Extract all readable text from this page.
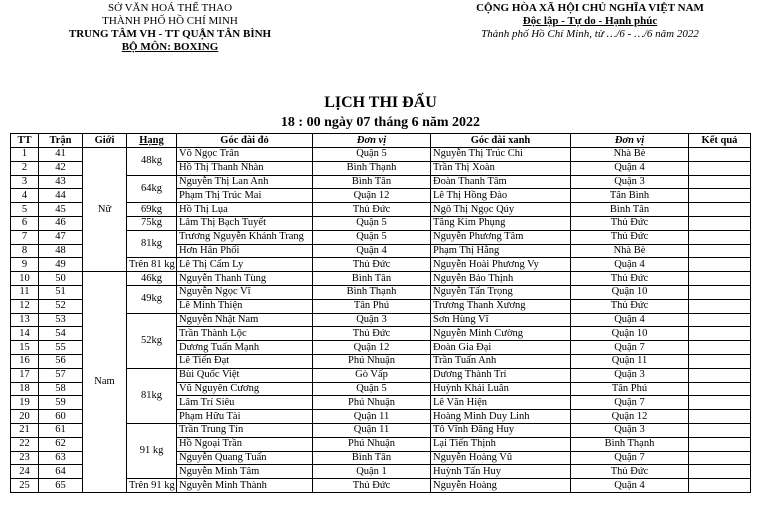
SỞ VĂN HOÁ THỂ THAO
THÀNH PHỐ HỒ CHÍ MINH
TRUNG TÂM VH - TT QUẬN TÂN BÌNH
BỘ MÔN: BOXING
CỘNG HÒA XÃ HỘI CHỦ NGHĨA VIỆT NAM
Độc lập - Tự do - Hạnh phúc
Thành phố Hồ Chí Minh, từ …/6 - …/6 năm 2022
LỊCH THI ĐẤU
18 : 00 ngày 07 tháng 6 năm 2022
TT	Trận	Giới	Hạng	Góc đài đỏ	Đơn vị	Góc đài xanh	Đơn vị	Kết quả
1	41	Nữ	48kg	Võ Ngọc Trân	Quận 5	Nguyễn Thị Trúc Chi	Nhà Bè	
2	42			Hồ Thị Thanh Nhàn	Bình Thạnh	Trần Thị Xoàn	Quận 4	
3	43		64kg	Nguyễn Thị Lan Anh	Bình Tân	Đoàn Thanh Tâm	Quận 3	
4	44			Phạm Thị Trúc Mai	Quận 12	Lê Thị Hồng Đào	Tân Bình	
5	45		69kg	Hồ Thị Lụa	Thủ Đức	Ngô Thị Ngọc Qúy	Bình Tân	
6	46		75kg	Lâm Thị Bạch Tuyết	Quận 5	Tăng Kim Phụng	Thủ Đức	
7	47		81kg	Trương Nguyễn Khánh Trang	Quận 5	Nguyễn Phương Tâm	Thủ Đức	
8	48			Hơn Hân Phối	Quận 4	Phạm Thị Hằng	Nhà Bè	
9	49		Trên 81 kg	Lê Thị Cẩm Ly	Thủ Đức	Nguyễn Hoài Phương Vy	Quận 4	
10	50	Nam	46kg	Nguyễn Thanh Tùng	Bình Tân	Nguyễn Bảo Thịnh	Thủ Đức	
11	51		49kg	Nguyễn Ngọc Vĩ	Bình Thạnh	Nguyễn Tấn Trọng	Quận 10	
12	52			Lê Minh Thiện	Tân Phú	Trương Thanh Xương	Thủ Đức	
13	53		52kg	Nguyễn Nhật Nam	Quận 3	Sơn Hùng Vĩ	Quận 4	
14	54			Trần Thành Lộc	Thủ Đức	Nguyễn Minh Cường	Quận 10	
15	55			Dương Tuấn Mạnh	Quận 12	Đoàn Gia Đại	Quận 7	
16	56			Lê Tiến Đạt	Phú Nhuận	Trần Tuấn Anh	Quận 11	
17	57		81kg	Bùi Quốc Việt	Gò Vấp	Dương Thành Trí	Quận 3	
18	58			Vũ Nguyên Cương	Quận 5	Huỳnh Khải Luân	Tân Phú	
19	59			Lâm Trí Siêu	Phú Nhuận	Lê Văn Hiện	Quận 7	
20	60			Phạm Hữu Tài	Quận 11	Hoàng Minh Duy Linh	Quận 12	
21	61		91 kg	Trần Trung Tín	Quận 11	Tô Vĩnh Đăng Huy	Quận 3	
22	62			Hồ Ngoại Trần	Phú Nhuận	Lại Tiến Thịnh	Bình Thạnh	
23	63			Nguyễn Quang Tuấn	Bình Tân	Nguyễn Hoàng Vũ	Quận 7	
24	64			Nguyễn Minh Tâm	Quận 1	Huỳnh Tấn Huy	Thủ Đức	
25	65		Trên 91 kg	Nguyễn Minh Thành	Thủ Đức	Nguyễn Hoàng	Quận 4	
